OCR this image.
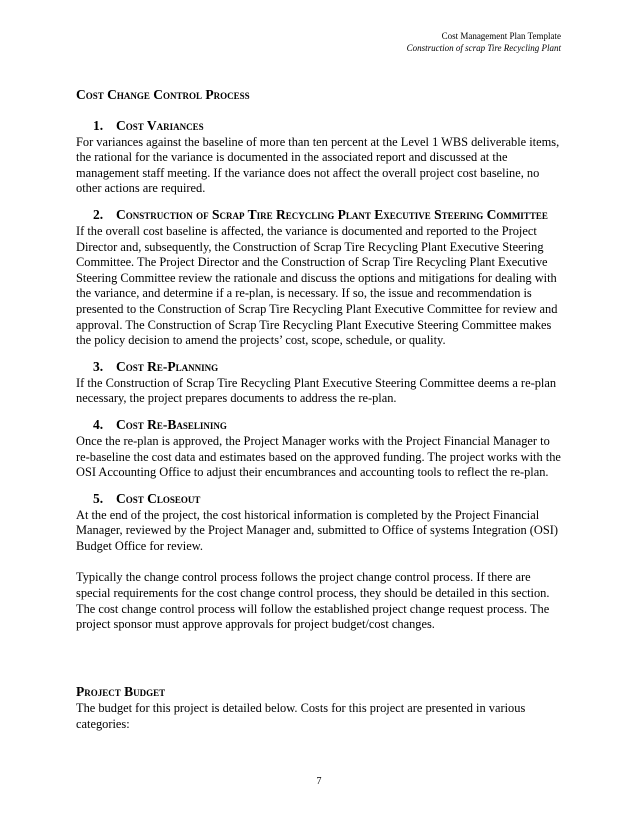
Cost Management Plan Template
Construction of scrap Tire Recycling Plant
Cost Change Control Process
1. Cost Variances

For variances against the baseline of more than ten percent at the Level 1 WBS deliverable items, the rational for the variance is documented in the associated report and discussed at the management staff meeting. If the variance does not affect the overall project cost baseline, no other actions are required.

2. Construction of Scrap Tire Recycling Plant Executive Steering Committee

If the overall cost baseline is affected, the variance is documented and reported to the Project Director and, subsequently, the Construction of Scrap Tire Recycling Plant Executive Steering Committee. The Project Director and the Construction of Scrap Tire Recycling Plant Executive Steering Committee review the rationale and discuss the options and mitigations for dealing with the variance, and determine if a re-plan, is necessary. If so, the issue and recommendation is presented to the Construction of Scrap Tire Recycling Plant Executive Committee for review and approval. The Construction of Scrap Tire Recycling Plant Executive Steering Committee makes the policy decision to amend the projects’ cost, scope, schedule, or quality.

3. Cost Re-Planning

If the Construction of Scrap Tire Recycling Plant Executive Steering Committee deems a re-plan necessary, the project prepares documents to address the re-plan.

4. Cost Re-Baselining

Once the re-plan is approved, the Project Manager works with the Project Financial Manager to re-baseline the cost data and estimates based on the approved funding. The project works with the OSI Accounting Office to adjust their encumbrances and accounting tools to reflect the re-plan.

5. Cost Closeout

At the end of the project, the cost historical information is completed by the Project Financial Manager, reviewed by the Project Manager and, submitted to Office of systems Integration (OSI) Budget Office for review.

Typically the change control process follows the project change control process. If there are special requirements for the cost change control process, they should be detailed in this section. The cost change control process will follow the established project change request process. The project sponsor must approve approvals for project budget/cost changes.

Project Budget

The budget for this project is detailed below. Costs for this project are presented in various categories:

7
